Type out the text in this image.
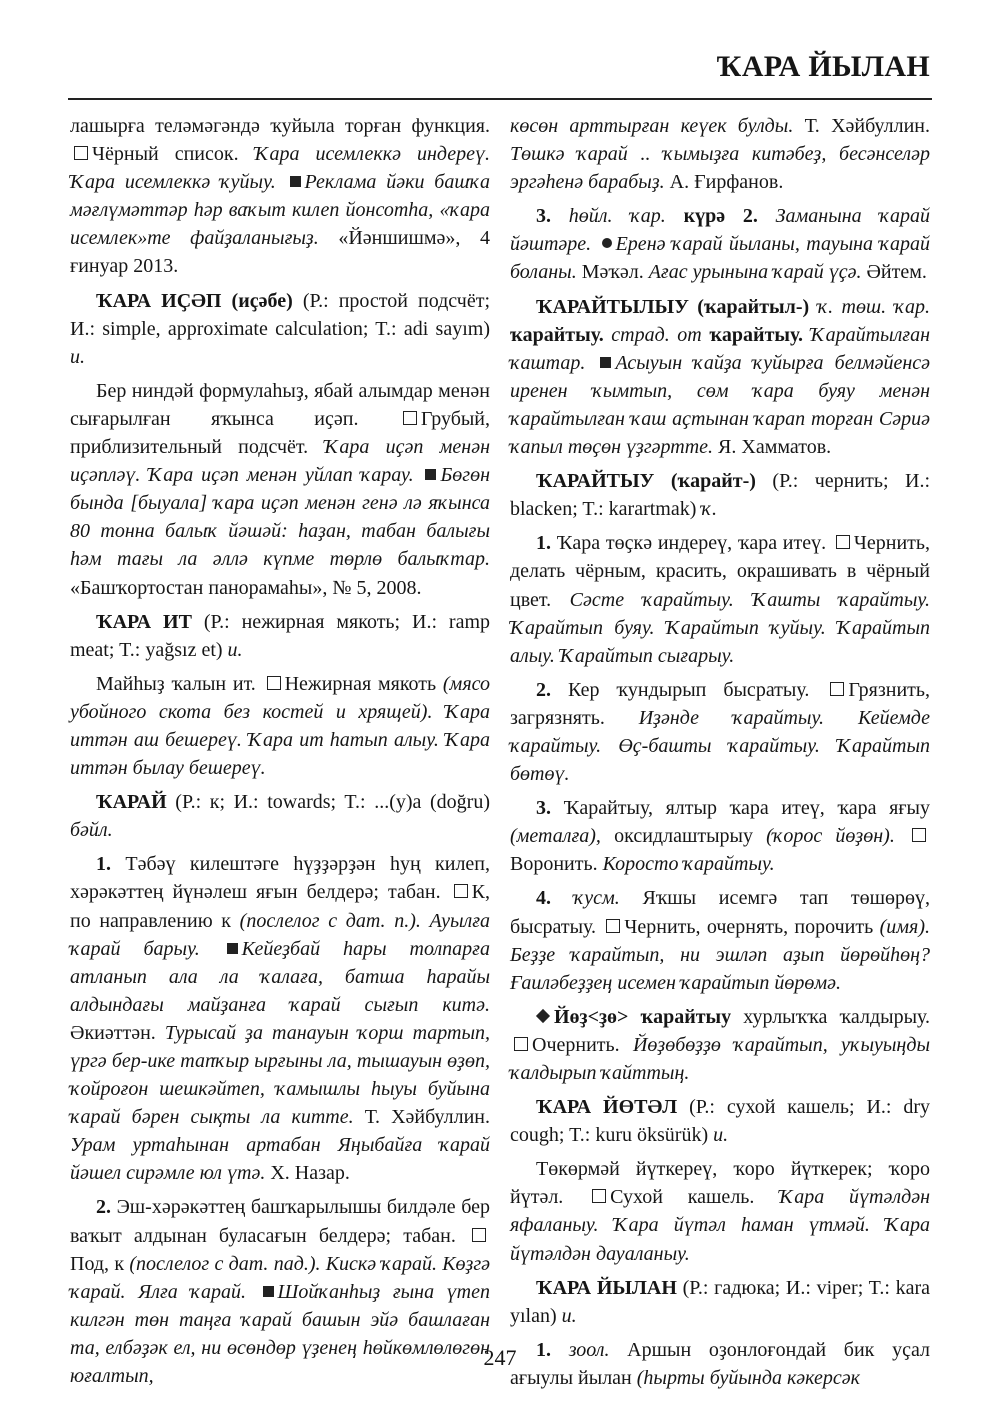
ҠАРА ЙЫЛАН

лашырға теләмәгәндә ҡуйыла торған функция. Чёрный список. Ҡара исемлеккә индереү. Ҡара исемлеккә ҡуйыу. Реклама йәки башҡа мәғлүмәттәр һәр ваҡыт килеп йонсотһа, «ҡара исемлек»те файҙаланығыҙ. «Йәншишмә», 4 ғинуар 2013.

ҠАРА ИҪӘП (иҫәбе) (Р.: простой подсчёт; И.: simple, approximate calculation; T.: adi sayım) и.

Бер ниндәй формулаһыҙ, ябай алымдар менән сығарылған яҡынса иҫәп.	Грубый, приблизительный подсчёт. Ҡара иҫәп менән иҫәпләү. Ҡара иҫәп менән уйлап ҡарау. Бөгөн бында [быуала] ҡара иҫәп менән генә лә яҡынса 80 тонна балыҡ йәшәй: һаҙан, табан балығы һәм тағы ла әллә күпме төрлө балыҡтар. «Башҡортостан панорамаһы», № 5, 2008.

ҠАРА ИТ (Р.: нежирная мякоть; И.: ramp meat; T.: yağsız et) и.

Майһыҙ ҡалын ит. Нежирная мякоть (мясо убойного скота без костей и хрящей). Ҡара иттән аш бешереү. Ҡара ит һатып алыу. Ҡара иттән былау бешереү.

ҠАРАЙ (Р.: к; И.: towards; T.: ...(y)a (doğru) бәйл.

1. Тәбәү килештәге һүҙҙәрҙән һуң килеп, хәрәкәттең йүнәлеш яғын белдерә; табан. К, по направлению к (послелог с дат. п.). Ауылға ҡарай барыу. Кейеҙбай һары толпарға атланып ала ла ҡалаға, батша һарайы алдындағы майҙанға ҡарай сығып китә. Әкиәттән. Турысай ҙа танауын ҡорш тартып, үргә бер-ике тапҡыр ырғыны ла, тышауын өҙөп, ҡойроғон шешкәйтеп, ҡамышлы һыуы буйына ҡарай бәрен сықты ла китте. Т. Хәйбуллин. Урам уртаһынан артабан Яңыбайға ҡарай йәшел сирәмле юл үтә. Х. Назар.

2. Эш-хәрәкәттең башҡарылышы билдәле бер ваҡыт алдынан буласағын белдерә; табан. Под, к (послелог с дат. пад.). Кискә ҡарай. Көҙгә ҡарай. Ялға ҡарай. Шойҡанһыҙ ғына үтеп килгән төн таңға ҡарай башын эйә башлаған та, елбәҙәк ел, ни өсөндөр үҙенең һөйкөмлөлөгөн юғалтып,

көсөн арттырған кеүек булды. Т. Хәйбуллин. Төшкә ҡарай .. ҡымыҙға китәбеҙ, бесәнселәр эргәһенә барабыҙ. А. Ғирфанов.

3. һөйл. ҡар. күрә 2. Заманына ҡарай йәштәре. Еренә ҡарай йыланы, тауына ҡарай боланы. Мәҡәл. Ағас урынына ҡарай үҫә. Әйтем.

ҠАРАЙТЫЛЫУ (ҡарайтыл-) ҡ. төш. ҡар. ҡарайтыу. страд. от ҡарайтыу. Ҡарайтылған ҡаштар. Асыуын ҡайҙа ҡуйырға белмәйенсә иренен ҡымтып, сөм ҡара буяу менән ҡарайтылған ҡаш аҫтынан ҡарап торған Сәриә ҡапыл төҫөн үҙгәртте. Я. Хамматов.

ҠАРАЙТЫУ (ҡарайт-) (Р.: чернить; И.: blacken; T.: karartmak) ҡ.

1. Ҡара төҫкә индереү, ҡара итеү. Чернить, делать чёрным, красить, окрашивать в чёрный цвет. Сәсте ҡарайтыу. Ҡашты ҡарайтыу. Ҡарайтып буяу. Ҡарайтып ҡуйыу. Ҡарайтып алыу. Ҡарайтып сығарыу.

2. Кер ҡундырып бысратыу. Грязнить, загрязнять. Иҙәнде ҡарайтыу. Кейемде ҡарайтыу. Өҫ-башты ҡарайтыу. Ҡарайтып бөтөү.

3. Ҡарайтыу, ялтыр ҡара итеү, ҡара яғыу (металға), оксидлаштырыу (ҡорос йөҙөн). Воронить. Коросто ҡарайтыу.

4. ҡусм. Яҡшы исемгә тап төшөрөү, бысратыу. Чернить, очернять, порочить (имя). Беҙҙе ҡарайтып, ни эшләп аҙып йөрөйһөң? Ғаиләбеҙҙең исемен ҡарайтып йөрөмә.

Йөҙ<ҙө> ҡарайтыу хурлыҡҡа ҡалдырыу. Очернить. Йөҙөбөҙҙө ҡарайтып, уҡыуыңды ҡалдырып ҡайттың.

ҠАРА ЙӨТӘЛ (Р.: сухой кашель; И.: dry cough; T.: kuru öksürük) и.

Төкөрмәй йүткереү, ҡоро йүткерек; ҡоро йүтәл. Сухой кашель. Ҡара йүтәлдән яфаланыу. Ҡара йүтәл һаман үтмәй. Ҡара йүтәлдән дауаланыу.

ҠАРА ЙЫЛАН (Р.: гадюка; И.: viper; T.: kara yılan) и.

1. зоол. Аршын оҙонлоғондай бик уҫал ағыулы йылан (һырты буйында кәкерсәк

247
